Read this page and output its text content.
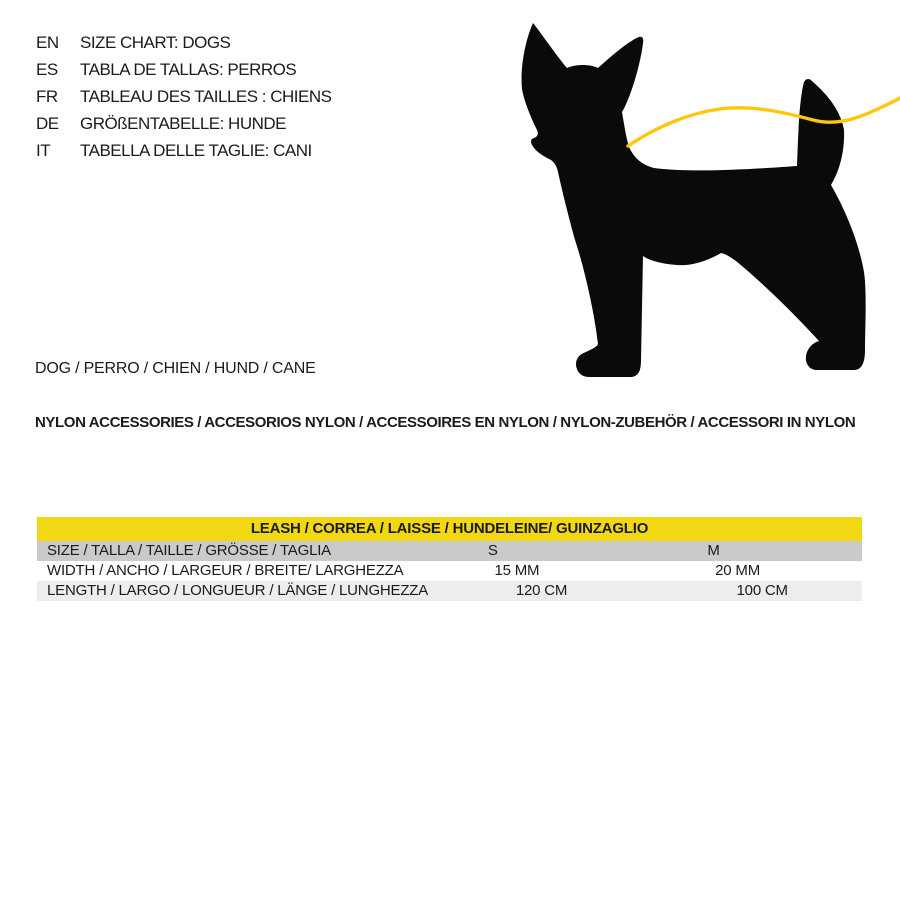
EN	SIZE CHART: DOGS
ES	TABLA DE TALLAS: PERROS
FR	TABLEAU DES TAILLES : CHIENS
DE	GRÖßENTABELLE: HUNDE
IT	TABELLA DELLE TAGLIE: CANI
DOG / PERRO / CHIEN / HUND / CANE
NYLON ACCESSORIES / ACCESORIOS NYLON / ACCESSOIRES EN NYLON / NYLON-ZUBEHÖR / ACCESSORI IN NYLON
LEASH / CORREA / LAISSE / HUNDELEINE/ GUINZAGLIO
SIZE / TALLA / TAILLE / GRÖSSE / TAGLIA	S	M
WIDTH / ANCHO / LARGEUR / BREITE/ LARGHEZZA	15 MM	20 MM
LENGTH / LARGO / LONGUEUR / LÄNGE / LUNGHEZZA	120 CM	100 CM
